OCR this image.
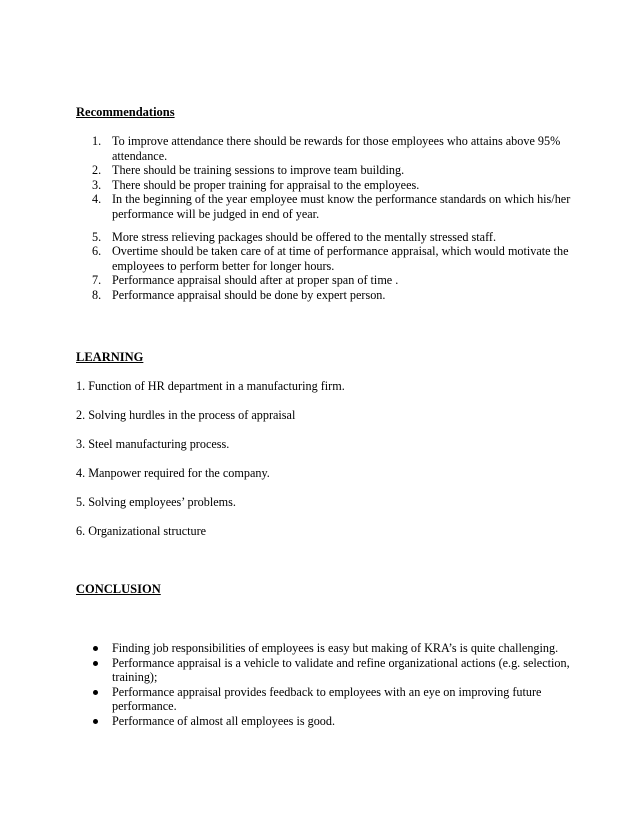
Recommendations
1. To improve attendance there should be rewards for those employees who attains above 95% attendance.
2. There should be training sessions to improve team building.
3. There should be proper training for appraisal to the employees.
4. In the beginning of the year employee must know the performance standards on which his/her performance will be judged in end of year.
5. More stress relieving packages should be offered to the mentally stressed staff.
6. Overtime should be taken care of at time of performance appraisal, which would motivate the employees to perform better for longer hours.
7. Performance appraisal should after at proper span of time .
8. Performance appraisal should be done by expert person.
LEARNING
1. Function of HR department in a manufacturing firm.
2. Solving hurdles in the process of appraisal
3. Steel manufacturing process.
4. Manpower required for the company.
5. Solving employees’ problems.
6. Organizational structure
CONCLUSION
Finding job responsibilities of employees is easy but making of KRA’s is quite challenging.
Performance appraisal is a vehicle to validate and refine organizational actions (e.g. selection, training);
Performance appraisal provides feedback to employees with an eye on improving future performance.
Performance of almost all employees is good.
